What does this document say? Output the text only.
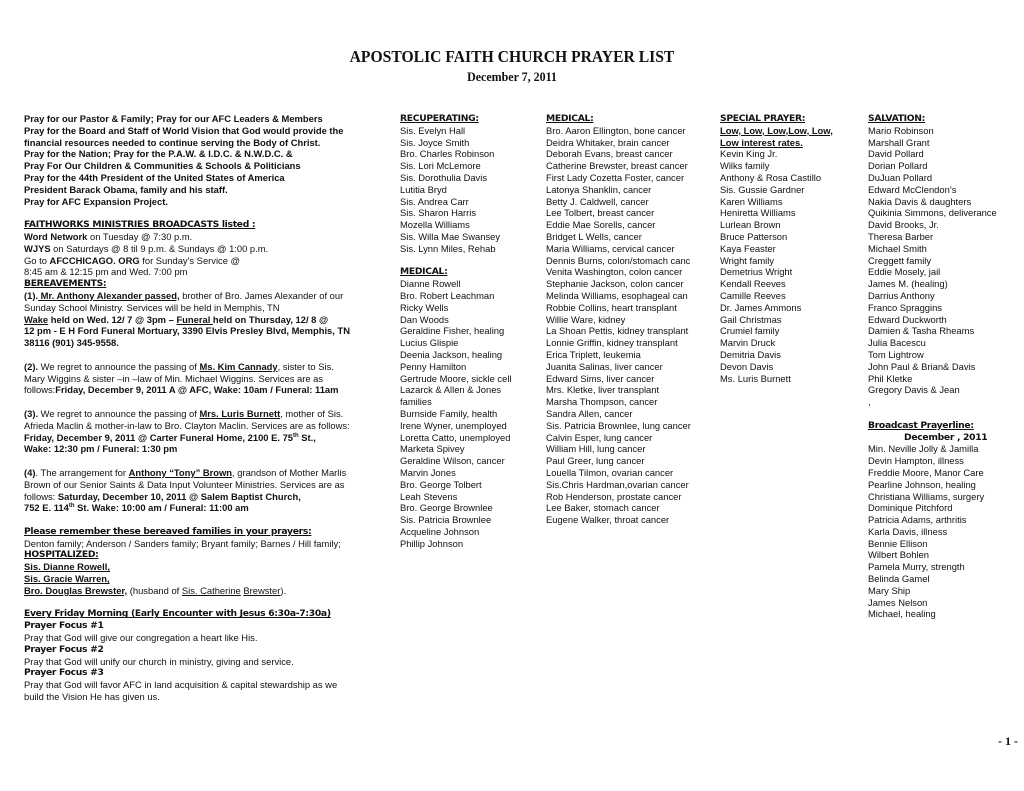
APOSTOLIC FAITH CHURCH PRAYER LIST
December 7, 2011
Pray for our Pastor & Family; Pray for our AFC Leaders & Members
Pray for the Board and Staff of World Vision that God would provide the
financial resources needed to continue serving the Body of Christ.
Pray for the Nation; Pray for the P.A.W. & I.D.C. & N.W.D.C. &
Pray For Our Children & Communities & Schools & Politicians
Pray for the 44th President of the United States of America
President Barack Obama, family and his staff.
Pray for AFC Expansion Project.
FAITHWORKS MINISTRIES BROADCASTS listed :
Word Network on Tuesday @ 7:30 p.m.
WJYS on Saturdays @ 8 til 9 p.m. & Sundays @ 1:00 p.m.
Go to AFCCHICAGO. ORG for Sunday's Service @
8:45 am & 12:15 pm and Wed. 7:00 pm
BEREAVEMENTS:
(1). Mr. Anthony Alexander passed, brother of Bro. James Alexander of our
Sunday School Ministry. Services will be held in Memphis, TN
Wake held on Wed. 12/ 7 @ 3pm – Funeral held on Thursday, 12/ 8 @
12 pm - E H Ford Funeral Mortuary, 3390 Elvis Presley Blvd, Memphis, TN
38116 (901) 345-9558.
(2). We regret to announce the passing of Ms. Kim Cannady, sister to Sis.
Mary Wiggins & sister –in –law of Min. Michael Wiggins. Services are as
follows:Friday, December 9, 2011 A @ AFC, Wake: 10am / Funeral: 11am
(3). We regret to announce the passing of Mrs. Luris Burnett, mother of Sis.
Afrieda Maclin & mother-in-law to Bro. Clayton Maclin. Services are as follows:
Friday, December 9, 2011 @ Carter Funeral Home, 2100 E. 75th St.,
Wake: 12:30 pm / Funeral: 1:30 pm
(4). The arrangement for Anthony “Tony” Brown, grandson of Mother Marlis
Brown of our Senior Saints & Data Input Volunteer Ministries. Services are as
follows: Saturday, December 10, 2011 @ Salem Baptist Church,
752 E. 114th St. Wake: 10:00 am / Funeral: 11:00 am
Please remember these bereaved families in your prayers:
Denton family; Anderson / Sanders family; Bryant family; Barnes / Hill family;
HOSPITALIZED:
Sis. Dianne Rowell,
Sis. Gracie Warren,
Bro. Douglas Brewster, (husband of Sis. Catherine Brewster).
Every Friday Morning (Early Encounter with Jesus 6:30a-7:30a)
Prayer Focus #1
Pray that God will give our congregation a heart like His.
Prayer Focus #2
Pray that God will unify our church in ministry, giving and service.
Prayer Focus #3
Pray that God will favor AFC in land acquisition & capital stewardship as we
build the Vision He has given us.
RECUPERATING:
Sis. Evelyn Hall
Sis. Joyce Smith
Bro. Charles Robinson
Sis. Lori McLemore
Sis. Dorothulia Davis
Lutitia Bryd
Sis. Andrea Carr
Sis. Sharon Harris
Mozella Williams
Sis. Willa Mae Swansey
Sis. Lynn Miles, Rehab
MEDICAL:
Dianne Rowell
Bro. Robert Leachman
Ricky Wells
Dan Woods
Geraldine Fisher, healing
Lucius Glispie
Deenia Jackson, healing
Penny Hamilton
Gertrude Moore, sickle cell
Lazarck & Allen & Jones
families
Burnside Family, health
Irene Wyner, unemployed
Loretta Catto, unemployed
Marketa Spivey
Geraldine Wilson, cancer
Marvin Jones
Bro. George Tolbert
Leah Stevens
Bro. George Brownlee
Sis. Patricia Brownlee
Acqueline Johnson
Phillip Johnson
MEDICAL:
Bro. Aaron Ellington, bone cancer
Deidra Whitaker, brain cancer
Deborah Evans, breast cancer
Catherine Brewster, breast cancer
First Lady Cozetta Foster, cancer
Latonya Shanklin, cancer
Betty J. Caldwell, cancer
Lee Tolbert, breast cancer
Eddie Mae Sorells, cancer
Bridget L Wells, cancer
Maria Williams, cervical cancer
Dennis Burns, colon/stomach canc
Venita Washington, colon cancer
Stephanie Jackson, colon cancer
Melinda Williams, esophageal can
Robbie Collins, heart transplant
Willie Ware, kidney
La Shoan Pettis, kidney transplant
Lonnie Griffin, kidney transplant
Erica Triplett, leukemia
Juanita Salinas, liver cancer
Edward Sims, liver cancer
Mrs. Kletke, liver transplant
Marsha Thompson, cancer
Sandra Allen, cancer
Sis. Patricia Brownlee, lung cancer
Calvin Esper, lung cancer
William Hill, lung cancer
Paul Greer, lung cancer
Louella Tilmon, ovarian cancer
Sis.Chris Hardman,ovarian cancer
Rob Henderson, prostate cancer
Lee Baker, stomach cancer
Eugene Walker, throat cancer
SPECIAL PRAYER:
Low, Low, Low,Low, Low,
Low interest rates.
Kevin King Jr.
Wilks family
Anthony & Rosa Castillo
Sis. Gussie Gardner
Karen Williams
Heniretta Williams
Lurlean Brown
Bruce Patterson
Kaya Feaster
Wright family
Demetrius Wright
Kendall Reeves
Camille Reeves
Dr. James Ammons
Gail Christmas
Crumiel family
Marvin Druck
Demitria Davis
Devon Davis
Ms. Luris Burnett
SALVATION:
Mario Robinson
Marshall Grant
David Pollard
Dorian Pollard
DuJuan Pollard
Edward McClendon’s
Nakia Davis & daughters
Quikinia Simmons, deliverance
David Brooks, Jr.
Theresa Barber
Michael Smith
Creggett family
Eddie Mosely, jail
James M. (healing)
Darrius Anthony
Franco Spraggins
Edward Duckworth
Damien & Tasha Rheams
Julia Bacescu
Tom Lightrow
John Paul & Brian& Davis
Phil Kletke
Gregory Davis & Jean
,
Broadcast Prayerline:
December , 2011
Min. Neville Jolly & Jamilla
Devin Hampton, illness
Freddie Moore, Manor Care
Pearline Johnson, healing
Christiana Williams, surgery
Dominique Pitchford
Patricia Adams, arthritis
Karla Davis, illness
Bennie Ellison
Wilbert Bohlen
Pamela Murry, strength
Belinda Gamel
Mary Ship
James Nelson
Michael, healing
- 1 -
